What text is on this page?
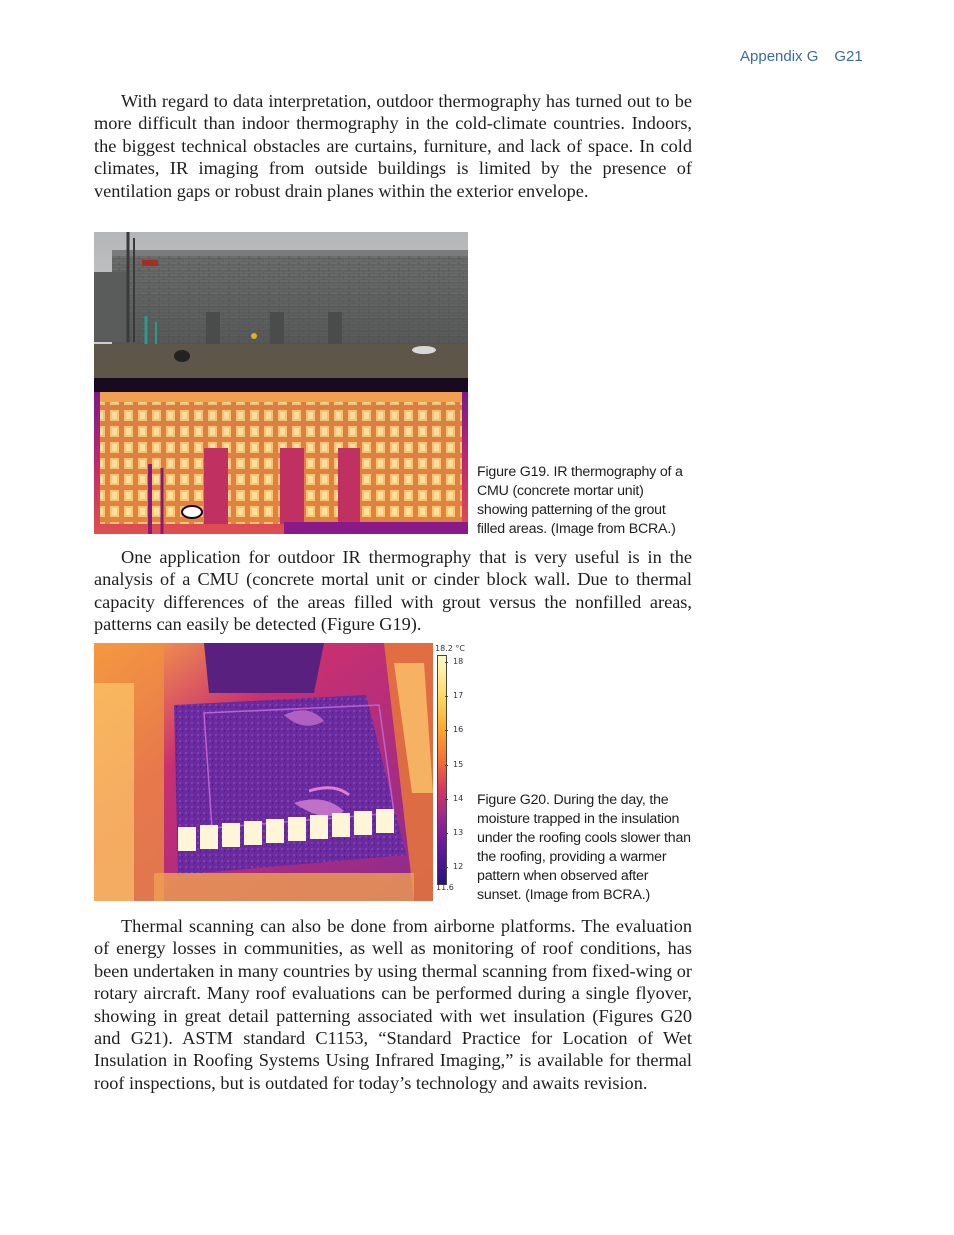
Appendix G G21

With regard to data interpretation, outdoor thermography has turned out to be more difficult than indoor thermography in the cold-climate countries. Indoors, the biggest technical obstacles are curtains, furniture, and lack of space. In cold climates, IR imaging from outside buildings is limited by the presence of ventilation gaps or robust drain planes within the exterior envelope.

Figure G19. IR thermography of a CMU (concrete mortar unit) showing patterning of the grout filled areas. (Image from BCRA.)

One application for outdoor IR thermography that is very useful is in the analysis of a CMU (concrete mortal unit or cinder block wall. Due to thermal capacity differences of the areas filled with grout versus the nonfilled areas, patterns can easily be detected (Figure G19).

18.2 °C
18
17
16
15
14
13
12
11.6
Figure G20. During the day, the moisture trapped in the insulation under the roofing cools slower than the roofing, providing a warmer pattern when observed after sunset. (Image from BCRA.)

Thermal scanning can also be done from airborne platforms. The evaluation of energy losses in communities, as well as monitoring of roof conditions, has been undertaken in many countries by using thermal scanning from fixed-wing or rotary aircraft. Many roof evaluations can be performed during a single flyover, showing in great detail patterning associated with wet insulation (Figures G20 and G21). ASTM standard C1153, “Standard Practice for Location of Wet Insulation in Roofing Systems Using Infrared Imaging,” is available for thermal roof inspections, but is outdated for today’s technology and awaits revision.
